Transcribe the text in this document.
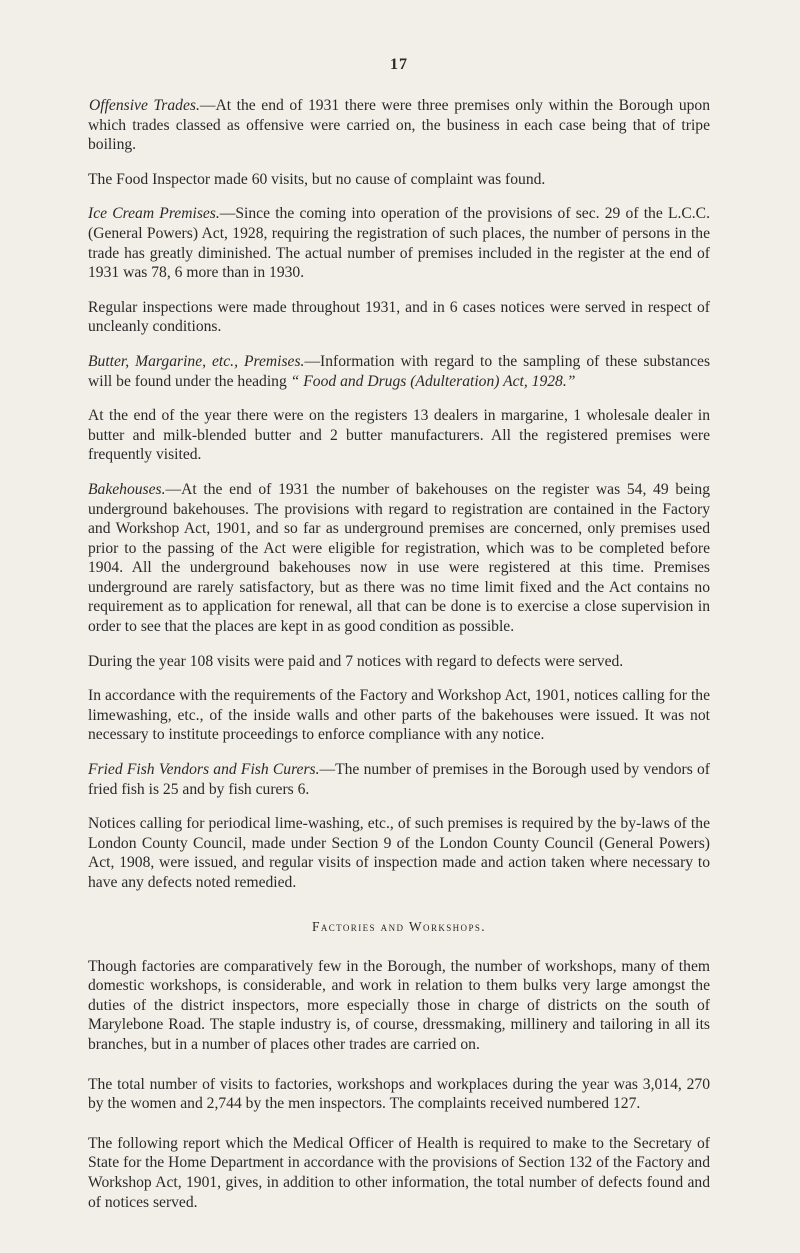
17

Offensive Trades.—At the end of 1931 there were three premises only within the Borough upon which trades classed as offensive were carried on, the business in each case being that of tripe boiling.

The Food Inspector made 60 visits, but no cause of complaint was found.

Ice Cream Premises.—Since the coming into operation of the provisions of sec. 29 of the L.C.C. (General Powers) Act, 1928, requiring the registration of such places, the number of persons in the trade has greatly diminished. The actual number of premises included in the register at the end of 1931 was 78, 6 more than in 1930.

Regular inspections were made throughout 1931, and in 6 cases notices were served in respect of uncleanly conditions.

Butter, Margarine, etc., Premises.—Information with regard to the sampling of these substances will be found under the heading “ Food and Drugs (Adulteration) Act, 1928.”

At the end of the year there were on the registers 13 dealers in margarine, 1 wholesale dealer in butter and milk-blended butter and 2 butter manufacturers. All the registered premises were frequently visited.

Bakehouses.—At the end of 1931 the number of bakehouses on the register was 54, 49 being underground bakehouses. The provisions with regard to registration are contained in the Factory and Workshop Act, 1901, and so far as underground premises are concerned, only premises used prior to the passing of the Act were eligible for registration, which was to be completed before 1904. All the underground bakehouses now in use were registered at this time. Premises underground are rarely satisfactory, but as there was no time limit fixed and the Act contains no requirement as to application for renewal, all that can be done is to exercise a close supervision in order to see that the places are kept in as good condition as possible.

During the year 108 visits were paid and 7 notices with regard to defects were served.

In accordance with the requirements of the Factory and Workshop Act, 1901, notices calling for the limewashing, etc., of the inside walls and other parts of the bakehouses were issued. It was not necessary to institute proceedings to enforce compliance with any notice.

Fried Fish Vendors and Fish Curers.—The number of premises in the Borough used by vendors of fried fish is 25 and by fish curers 6.

Notices calling for periodical lime-washing, etc., of such premises is required by the by-laws of the London County Council, made under Section 9 of the London County Council (General Powers) Act, 1908, were issued, and regular visits of inspection made and action taken where necessary to have any defects noted remedied.

Factories and Workshops.

Though factories are comparatively few in the Borough, the number of workshops, many of them domestic workshops, is considerable, and work in relation to them bulks very large amongst the duties of the district inspectors, more especially those in charge of districts on the south of Marylebone Road. The staple industry is, of course, dressmaking, millinery and tailoring in all its branches, but in a number of places other trades are carried on.

The total number of visits to factories, workshops and workplaces during the year was 3,014, 270 by the women and 2,744 by the men inspectors. The complaints received numbered 127.

The following report which the Medical Officer of Health is required to make to the Secretary of State for the Home Department in accordance with the provisions of Section 132 of the Factory and Workshop Act, 1901, gives, in addition to other information, the total number of defects found and of notices served.
